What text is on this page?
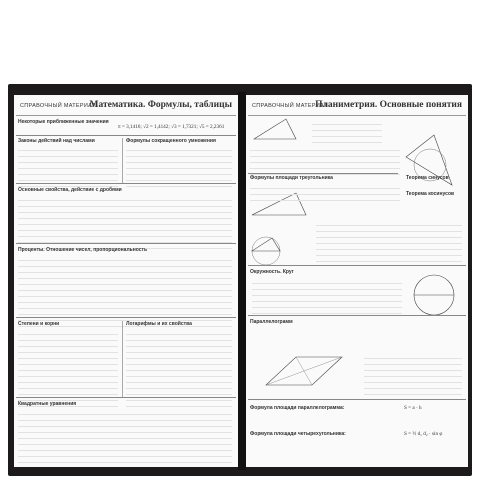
СПРАВОЧНЫЙ МАТЕРИАЛ
Математика. Формулы, таблицы
Некоторые приближенные значения
π = 3,1416; √2 = 1,4142; √3 = 1,7321; √5 = 2,2361
Законы действий над числами	Формулы сокращенного умножения
Основные свойства, действие с дробями
Проценты. Отношение чисел, пропорциональность
Степени и корни	Логарифмы и их свойства
Квадратные уравнения
СПРАВОЧНЫЙ МАТЕРИАЛ
Планиметрия. Основные понятия
Формулы площади треугольника	Теорема синусов
Теорема косинусов
Окружность. Круг
Параллелограмм
Формула площади параллелограмма:	S = a · h
Формула площади четырехугольника:	S = ½ d₁ d₂ · sin φ
